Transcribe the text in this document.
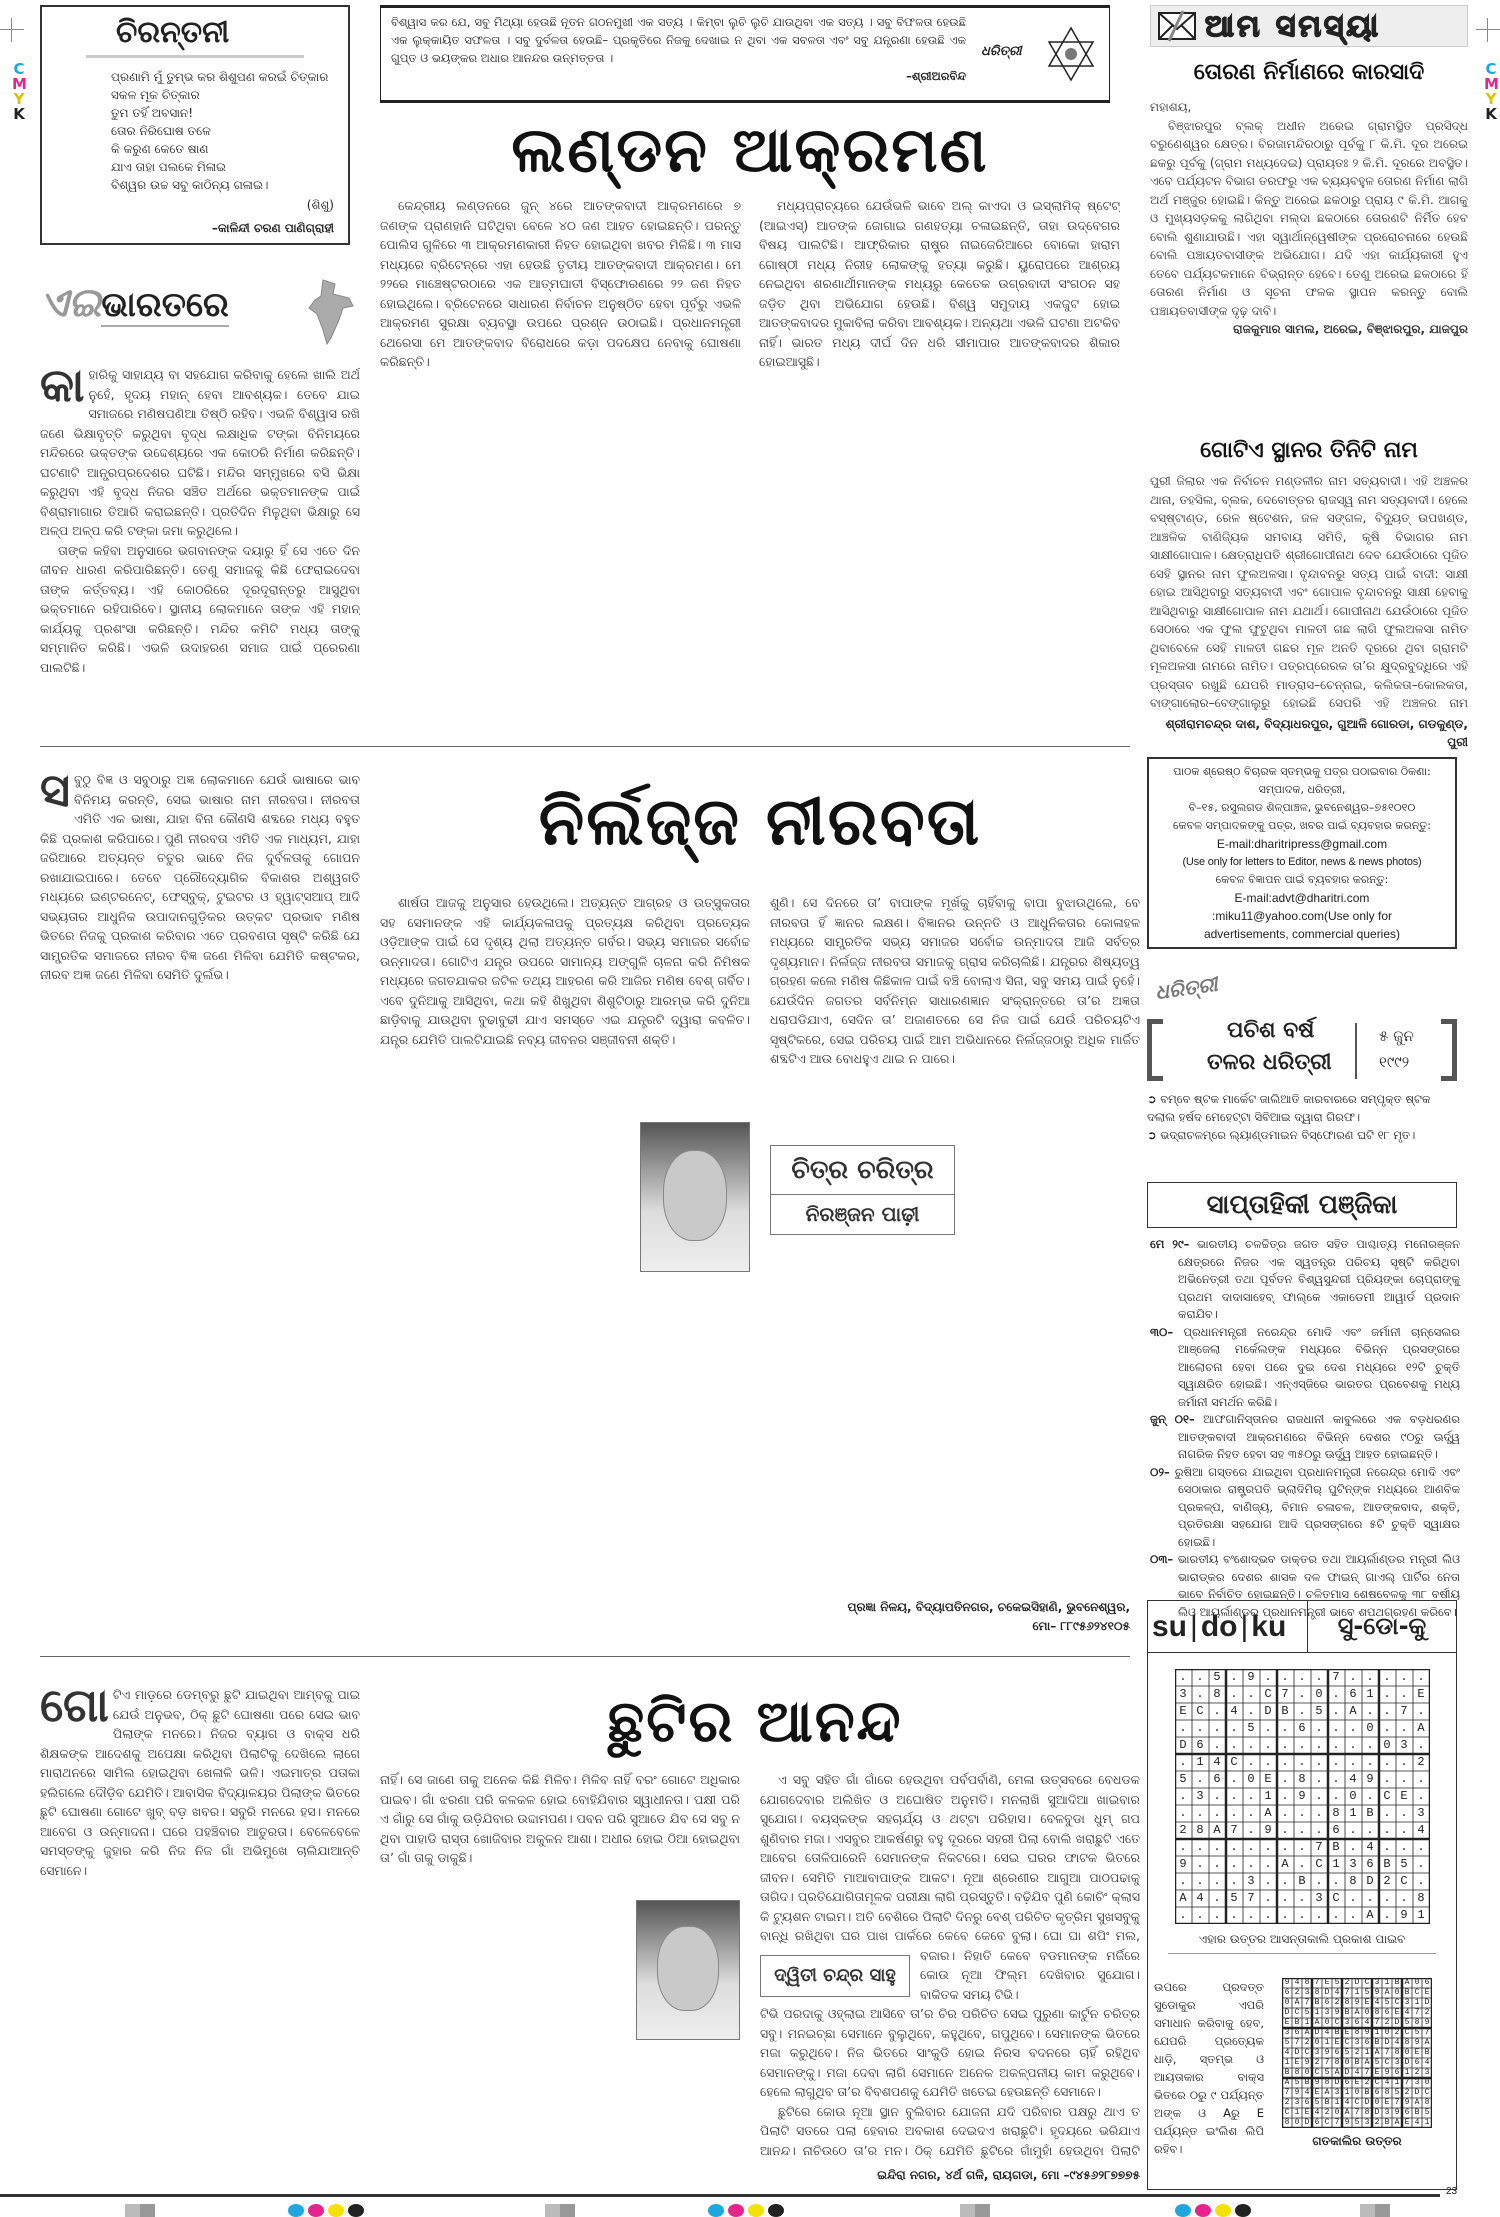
C
M
Y
K
C
M
Y
K
ଚିରନ୍ତନୀ
ପ୍ରଣାମି ମୁଁ ତୁମ୍ଭ କର ଶିଶୁପଣ କରଇଁ ଚିତ୍କାର
ସକଳ ମୂକ ଚିତ୍କାର
ତୁମ ତହିଁ ଅବସାନ!
ତୋର ନିରିଘୋଷ ତଳେ
କି କରୁଣ କେତେ ଷାଣ
ଯାଏ ତାହା ପଲକେ ମିଳାଇ
ବିଶ୍ୱର ଉଚ୍ଚ ସବୁ କାଠିନ୍ୟ ଗଳାଇ।
(ଶିଶୁ)
–କାଳିନ୍ଦୀ ଚରଣ ପାଣିଗ୍ରାହୀ
ବିଶ୍ୱାସ କର ଯେ, ସବୁ ମିଥ୍ୟା ହେଉଛି ନୂତନ ଗଠନମୁଖୀ ଏକ ସତ୍ୟ । କିମ୍ବା ଲୁଚି ଲୁଚି ଯାଉଥିବା ଏକ ସତ୍ୟ । ସବୁ ବିଫଳତା ହେଉଛି ଏକ ଲୁକ୍କାୟିତ ସଫଳତା । ସବୁ ଦୁର୍ବଳତା ହେଉଛି– ପ୍ରକୃତିରେ ନିଜକୁ ଦେଖାଇ ନ ଥିବା ଏକ ସବଳତା ଏବଂ ସବୁ ଯନ୍ତ୍ରଣା ହେଉଛି ଏକ ଗୁପ୍ତ ଓ ଭୟଙ୍କର ଅଧାର ଆନନ୍ଦର ଉନ୍ମତ୍ତତା ।
–ଶ୍ରୀଅରବିନ୍ଦ
ଧରିତ୍ରୀ
ଲଣ୍ଡନ ଆକ୍ରମଣ

କେନ୍ଦ୍ରୀୟ ଲଣ୍ଡନରେ ଜୁନ୍ ୪ରେ ଆତଙ୍କବାଦୀ ଆକ୍ରମଣରେ ୭ ଜଣଙ୍କ ପ୍ରାଣହାନି ଘଟିଥିବା ବେଳେ ୪୦ ଜଣ ଆହତ ହୋଇଛନ୍ତି। ପରନ୍ତୁ ପୋଲିସ ଗୁଳିରେ ୩ ଆକ୍ରମଣକାରୀ ନିହତ ହୋଇଥିବା ଖବର ମିଳିଛି। ୩ ମାସ ମଧ୍ୟରେ ବ୍ରିଟେନ୍‌ରେ ଏହା ହେଉଛି ତୃତୀୟ ଆତଙ୍କବାଦୀ ଆକ୍ରମଣ। ମେ ୨୨ରେ ମାଞ୍ଚେଷ୍ଟରଠାରେ ଏକ ଆତ୍ମଘାତୀ ବିସ୍ଫୋରଣରେ ୨୨ ଜଣ ନିହତ ହୋଇଥିଲେ। ବ୍ରିଟେନରେ ସାଧାରଣ ନିର୍ବାଚନ ଅନୁଷ୍ଠିତ ହେବା ପୂର୍ବରୁ ଏଭଳି ଆକ୍ରମଣ ସୁରକ୍ଷା ବ୍ୟବସ୍ଥା ଉପରେ ପ୍ରଶ୍ନ ଉଠାଇଛି। ପ୍ରଧାନମନ୍ତ୍ରୀ ଥେରେସା ମେ ଆତଙ୍କବାଦ ବିରୋଧରେ କଡ଼ା ପଦକ୍ଷେପ ନେବାକୁ ଘୋଷଣା କରିଛନ୍ତି।

ମଧ୍ୟପ୍ରାଚ୍ୟରେ ଯେଉଁଭଳି ଭାବେ ଅଲ୍ କାଏଦା ଓ ଇସ୍ଲାମିକ୍ ଷ୍ଟେଟ୍ (ଆଇଏସ୍) ଆତଙ୍କ ଜୋଗାଇ ଗଣହତ୍ୟା ଚଳାଇଛନ୍ତି, ତାହା ଉଦ୍‌ବେଗର ବିଷୟ ପାଲଟିଛି। ଆଫ୍ରିକାର ରାଷ୍ଟ୍ର ନାଇଜେରିଆରେ ବୋକୋ ହାରାମ ଗୋଷ୍ଠୀ ମଧ୍ୟ ନିରୀହ ଲୋକଙ୍କୁ ହତ୍ୟା କରୁଛି। ୟୁରୋପରେ ଆଶ୍ରୟ ନେଇଥିବା ଶରଣାର୍ଥୀମାନଙ୍କ ମଧ୍ୟରୁ କେତେକ ଉଗ୍ରବାଦୀ ସଂଗଠନ ସହ ଜଡ଼ିତ ଥିବା ଅଭିଯୋଗ ହେଉଛି। ବିଶ୍ୱ ସମୁଦାୟ ଏକଜୁଟ ହୋଇ ଆତଙ୍କବାଦର ମୁକାବିଲା କରିବା ଆବଶ୍ୟକ। ଅନ୍ୟଥା ଏଭଳି ଘଟଣା ଅଟକିବ ନାହିଁ। ଭାରତ ମଧ୍ୟ ଦୀର୍ଘ ଦିନ ଧରି ସୀମାପାର ଆତଙ୍କବାଦର ଶିକାର ହୋଇଆସୁଛି।

ଏଇଭାରତରେ
କା ହାରିକୁ ସାହାଯ୍ୟ ବା ସହଯୋଗ କରିବାକୁ ହେଲେ ଖାଲି ଅର୍ଥ ନୁହେଁ, ହୃଦୟ ମହାନ୍ ହେବା ଆବଶ୍ୟକ। ତେବେ ଯାଇ ସମାଜରେ ମଣିଷପଣିଆ ତିଷ୍ଠି ରହିବ। ଏଭଳି ବିଶ୍ୱାସ ରଖି ଜଣେ ଭିକ୍ଷାବୃତ୍ତି କରୁଥିବା ବୃଦ୍ଧ ଲକ୍ଷାଧିକ ଟଙ୍କା ବିନିମୟରେ ମନ୍ଦିରରେ ଭକ୍ତଙ୍କ ଉଦ୍ଦେଶ୍ୟରେ ଏକ କୋଠରି ନିର୍ମାଣ କରିଛନ୍ତି। ଘଟଣାଟି ଆନ୍ଧ୍ରପ୍ରଦେଶର ଘଟିଛି। ମନ୍ଦିର ସମ୍ମୁଖରେ ବସି ଭିକ୍ଷା କରୁଥିବା ଏହି ବୃଦ୍ଧ ନିଜର ସଞ୍ଚିତ ଅର୍ଥରେ ଭକ୍ତମାନଙ୍କ ପାଇଁ ବିଶ୍ରାମାଗାର ତିଆରି କରାଇଛନ୍ତି। ପ୍ରତିଦିନ ମିଳୁଥିବା ଭିକ୍ଷାରୁ ସେ ଅଳ୍ପ ଅଳ୍ପ କରି ଟଙ୍କା ଜମା କରୁଥିଲେ।

ତାଙ୍କ କହିବା ଅନୁସାରେ ଭଗବାନଙ୍କ ଦୟାରୁ ହିଁ ସେ ଏତେ ଦିନ ଜୀବନ ଧାରଣ କରିପାରିଛନ୍ତି। ତେଣୁ ସମାଜକୁ କିଛି ଫେରାଇଦେବା ତାଙ୍କ କର୍ତ୍ତବ୍ୟ। ଏହି କୋଠରିରେ ଦୂରଦୂରାନ୍ତରୁ ଆସୁଥିବା ଭକ୍ତମାନେ ରହିପାରିବେ। ସ୍ଥାନୀୟ ଲୋକମାନେ ତାଙ୍କ ଏହି ମହାନ୍ କାର୍ଯ୍ୟକୁ ପ୍ରଶଂସା କରିଛନ୍ତି। ମନ୍ଦିର କମିଟି ମଧ୍ୟ ତାଙ୍କୁ ସମ୍ମାନିତ କରିଛି। ଏଭଳି ଉଦାହରଣ ସମାଜ ପାଇଁ ପ୍ରେରଣା ପାଲଟିଛି।

ଆମ ସମସ୍ୟା
ତୋରଣ ନିର୍ମାଣରେ କାରସାଦି
ମହାଶୟ,

ବିଞ୍ଝାରପୁର ବ୍ଲକ୍ ଅଧୀନ ଅରେଇ ଗ୍ରାମସ୍ଥିତ ପ୍ରସିଦ୍ଧ ବରୁଣେଶ୍ୱର କ୍ଷେତ୍ର। ବିରଜାମନ୍ଦିରଠାରୁ ପୂର୍ବକୁ ୮ କି.ମି. ଦୂର ଅରେଇ ଛକରୁ ପୂର୍ବକୁ (ଗ୍ରାମ ମଧ୍ୟଦେଇ) ପ୍ରାୟତଃ ୨ କି.ମି. ଦୂରରେ ଅବସ୍ଥିତ। ଏବେ ପର୍ଯ୍ୟଟନ ବିଭାଗ ତରଫରୁ ଏକ ବ୍ୟୟବହୁଳ ତୋରଣ ନିର୍ମାଣ ଲାଗି ଅର୍ଥ ମଞ୍ଜୁର ହୋଇଛି। କିନ୍ତୁ ଅରେଇ ଛକଠାରୁ ପ୍ରାୟ ୯ କି.ମି. ଆଗକୁ ଓ ମୁଖ୍ୟସଡ଼କକୁ ଲାଗିଥିବା ମଲ୍ଦା ଛକଠାରେ ତୋରଣଟି ନିର୍ମିତ ହେବ ବୋଲି ଶୁଣାଯାଉଛି। ଏହା ସ୍ୱାର୍ଥାନ୍ୱେଷୀଙ୍କ ପ୍ରରୋଚନାରେ ହେଉଛି ବୋଲି ପଞ୍ଚାୟତବାସୀଙ୍କ ଅଭିଯୋଗ। ଯଦି ଏହା କାର୍ଯ୍ୟକାରୀ ହୁଏ ତେବେ ପର୍ଯ୍ୟଟକମାନେ ବିଭ୍ରାନ୍ତ ହେବେ। ତେଣୁ ଅରେଇ ଛକଠାରେ ହିଁ ତୋରଣ ନିର୍ମାଣ ଓ ସୂଚନା ଫଳକ ସ୍ଥାପନ କରନ୍ତୁ ବୋଲି ପଞ୍ଚାୟତବାସୀଙ୍କ ଦୃଢ଼ ଦାବି।

ରାଜକୁମାର ସାମଲ, ଅରେଇ, ବିଞ୍ଝାରପୁର, ଯାଜପୁର
ଗୋଟିଏ ସ୍ଥାନର ତିନିଟି ନାମ

ପୁରୀ ଜିଲାର ଏକ ନିର୍ବାଚନ ମଣ୍ଡଳୀର ନାମ ସତ୍ୟବାଦୀ। ଏହି ଅଞ୍ଚଳର ଥାନା, ତହସିଲ, ବ୍ଲକ, ଦେବୋତ୍ତର ରାଜସ୍ୱ ନାମ ସତ୍ୟବାଦୀ। ହେଲେ ବସ୍‌ଷ୍ଟାଣ୍ଡ, ରେଳ ଷ୍ଟେଶନ, ଜଳ ସଙ୍ଗଳ, ବିଦ୍ୟୁତ୍ ଉପଖଣ୍ଡ, ଆଞ୍ଚଳିକ ବାଣିଜ୍ୟିକ ସମବାୟ ସମିତି, କୃଷି ବିଭାଗର ନାମ ସାକ୍ଷୀଗୋପାଳ। କ୍ଷେତ୍ରାଧିପତି ଶ୍ରୀଗୋପୀନାଥ ଦେବ ଯେଉଁଠାରେ ପୂଜିତ ସେହି ସ୍ଥାନର ନାମ ଫୁଲଅଳସା। ବୃନ୍ଦାବନରୁ ସତ୍ୟ ପାଇଁ ବାଦୀ: ସାକ୍ଷୀ ହୋଇ ଆସିଥିବାରୁ ସତ୍ୟବାଦୀ ଏବଂ ଗୋପାଳ ବୃନ୍ଦାବନରୁ ସାକ୍ଷୀ ହେବାକୁ ଆସିଥିବାରୁ ସାକ୍ଷୀଗୋପାଳ ନାମ ଯଥାର୍ଥ। ଗୋପୀନାଥ ଯେଉଁଠାରେ ପୂଜିତ ସେଠାରେ ଏକ ଫୁଲ ଫୁଟୁଥିବା ମାଳତୀ ଗଛ ଲାଗି ଫୁଲଅଳସା ନାମିତ ଥିବାବେଳେ ସେହି ମାଳତୀ ଗଛର ମୂଳ ଅନତି ଦୂରରେ ଥିବା ଗ୍ରାମଟି ମୂଳଅଳସା ନାମରେ ନାମିତ। ପତ୍ରପ୍ରେରକ ତା’ର କ୍ଷୁଦ୍ରବୁଦ୍ଧିରେ ଏହି ପ୍ରସ୍ତାବ ରଖୁଛି ଯେପରି ମାଡ୍ରାସ–ଚେନ୍ନାଇ, କଲିକତା–କୋଲକତା, ବାଙ୍ଗାଲୋର–ବେଙ୍ଗାଲୁରୁ ହୋଇଛି ସେପରି ଏହି ଅଞ୍ଚଳର ନାମ

ଶ୍ରୀରାମଚନ୍ଦ୍ର ଦାଶ, ବିଦ୍ୟାଧରପୁର, ଗୁଆଳି ଗୋରଡା, ଗଡକୁଣ୍ଡ, ପୁରୀ
ପାଠକ ଶ୍ରେଷ୍ଠ ବିଚାରକ ସ୍ତମ୍ଭକୁ ପତ୍ର ପଠାଇବାର ଠିକଣା:
ସମ୍ପାଦକ, ଧରିତ୍ରୀ,
ବି–୧୫, ରସୁଲଗଡ ଶିଳ୍ପାଞ୍ଚଳ, ଭୁବନେଶ୍ୱର–୭୫୧୦୧୦
କେବଳ ସମ୍ପାଦକଙ୍କୁ ପତ୍ର, ଖବର ପାଇଁ ବ୍ୟବହାର କରନ୍ତୁ:
E-mail:dharitripress@gmail.com
(Use only for letters to Editor, news & news photos)
କେବଳ ବିଜ୍ଞାପନ ପାଇଁ ବ୍ୟବହାର କରନ୍ତୁ:
E-mail:advt@dharitri.com
:miku11@yahoo.com(Use only for
advertisements, commercial queries)
ଧରିତ୍ରୀ
ପଚିଶ ବର୍ଷ
ତଳର ଧରିତ୍ରୀ
୫ ଜୁନ
୧୯୯୨
➲ ବମ୍ବେ ଷ୍ଟକ ମାର୍କେଟ ଜାଲିଆତି କାରବାରରେ ସମ୍ପୃକ୍ତ ଷ୍ଟକ ଦଲାଲ ହର୍ଷଦ ମେହେଟ୍ଟା ସିବିଆଇ ଦ୍ୱାରା ଗିରଫ।
➲ ଭଦ୍ରାଚଳମ୍‌ରେ ଲ୍ୟାଣ୍ଡମାଇନ ବିସ୍ଫୋରଣ ଘଟି ୧୮ ମୃତ।
ସାପ୍ତାହିକୀ ପଞ୍ଜିକା
ମେ ୨୯– ଭାରତୀୟ ଚଳଚ୍ଚିତ୍ର ଜଗତ ସହିତ ପାଶ୍ଚାତ୍ୟ ମନୋରଞ୍ଜନ କ୍ଷେତ୍ରରେ ନିଜର ଏକ ସ୍ୱତନ୍ତ୍ର ପରିଚୟ ସୃଷ୍ଟି କରିଥିବା ଅଭିନେତ୍ରୀ ତଥା ପୂର୍ବତନ ବିଶ୍ୱସୁନ୍ଦରୀ ପ୍ରିୟଙ୍କା ଚୋପ୍ରାଙ୍କୁ ପ୍ରଥମ ଦାଦାସାହେବ୍ ଫାଲ୍‌କେ ଏକାଡେମୀ ଆୱାର୍ଡ ପ୍ରଦାନ କରାଯିବ।
୩୦– ପ୍ରଧାନମନ୍ତ୍ରୀ ନରେନ୍ଦ୍ର ମୋଦି ଏବଂ ଜର୍ମାନୀ ଚାନ୍ସେଲର ଆଞ୍ଜେଲା ମର୍କେଲଙ୍କ ମଧ୍ୟରେ ବିଭିନ୍ନ ପ୍ରସଙ୍ଗରେ ଆଲୋଚନା ହେବା ପରେ ଦୁଇ ଦେଶ ମଧ୍ୟରେ ୧୨ଟି ଚୁକ୍ତି ସ୍ୱାକ୍ଷରିତ ହୋଇଛି। ଏନ୍‌ଏସ୍‌ଜିରେ ଭାରତର ପ୍ରବେଶକୁ ମଧ୍ୟ ଜର୍ମାନୀ ସମର୍ଥନ କରିଛି।
ଜୁନ୍ ୦୧– ଆଫଗାନିସ୍ତାନର ରାଜଧାନୀ କାବୁଲରେ ଏକ ବଡ଼ଧରଣର ଆତଙ୍କବାଦୀ ଆକ୍ରମଣରେ ବିଭିନ୍ନ ଦେଶର ୯୦ରୁ ଊର୍ଦ୍ଧ୍ୱ ନାଗରିକ ନିହତ ହେବା ସହ ୩୫୦ରୁ ଊର୍ଦ୍ଧ୍ୱ ଆହତ ହୋଇଛନ୍ତି।
୦୨– ରୁଷିଆ ଗସ୍ତରେ ଯାଇଥିବା ପ୍ରଧାନମନ୍ତ୍ରୀ ନରେନ୍ଦ୍ର ମୋଦି ଏବଂ ସେଠାକାର ରାଷ୍ଟ୍ରପତି ଭ୍ଲାଦିମିର୍ ପୁଟିନ୍‌ଙ୍କ ମଧ୍ୟରେ ଆଣବିକ ପ୍ରକଳ୍ପ, ବାଣିଜ୍ୟ, ବିମାନ ଚଳାଚଳ, ଆତଙ୍କବାଦ, ଶକ୍ତି, ପ୍ରତିରକ୍ଷା ସହଯୋଗ ଆଦି ପ୍ରସଙ୍ଗରେ ୫ଟି ଚୁକ୍ତି ସ୍ୱାକ୍ଷର ହୋଇଛି।
୦୩– ଭାରତୀୟ ବଂଶୋଦ୍ଭବ ଡାକ୍ତର ତଥା ଆୟର୍ଲାଣ୍ଡର ମନ୍ତ୍ରୀ ଲିଓ ଭାରାଡ୍‌କର ଦେଶର ଶାସକ ଦଳ ଫାଇନ୍ ଗାଏଲ୍ ପାର୍ଟିର ନେତା ଭାବେ ନିର୍ବାଚିତ ହୋଇଛନ୍ତି। ଚଳିତମାସ ଶେଷବେଳକୁ ୩୮ ବର୍ଷୀୟ ଲିଓ ଆୟର୍ଲାଣ୍ଡର ପ୍ରଧାନମନ୍ତ୍ରୀ ଭାବେ ଶପଥଗ୍ରହଣ କରିବେ।
su | do | ku	ସୁ-ଡୋ-କୁ
..5.9....7.....
3.8..C7.0.61..E
EC.4.DB.5.A..7.
....5..6...0..A
D6..........03.
.14C..........2
5.6.0E.8..49...
.3...1.9..0.CE.
.....A...81B..3
28A7.9...6....4
........7B.4...
9.....A.C136B5.
....3..B..8D2C.
A4.57...3C....8
...........A.91
ଏହାର ଉତ୍ତର ଆସନ୍ତାକାଲି ପ୍ରକାଶ ପାଇବ
ଉପରେ ପ୍ରଦତ୍ତ ସୁଡୋକୁର ଏପରି ସମାଧାନ କରିବାକୁ ହେବ, ଯେପରି ପ୍ରତ୍ୟେକ ଧାଡ଼ି, ସ୍ତମ୍ଭ ଓ ଆୟତାକାର ବାକ୍ସ ଭିତରେ ୦ରୁ ୯ ପର୍ଯ୍ୟନ୍ତ ଅଙ୍କ ଓ Aରୁ E ପର୍ଯ୍ୟନ୍ତ ଇଂଲିଶ ଲିପି ରହିବ।
948 7E5 2DC 31B A06
623 8D4 715 9A0 BCE
0A7 B62 89E 45C 31D
DC5 139 BA0 86E 472
EB1 A0C 364 72D 589
36A D4B E89 102 C57
572 01E C36 BD4 89A
4DC 396 521 A78 0EB
1E9 278 0BA 5C3 D64
B80 C5A D47 E96 123
A5B 98D 6E2 C41 730
794 EA3 10B 685 2DC
236 5B1 4CD 0E7 9A8
C1E 420 A78 D39 6B5
80D 6C7 953 2BA E41
ଗତକାଲିର ଉତ୍ତର
ନିର୍ଲଜ୍ଜ ନୀରବତା
ସ ବୁଠୁ ବିଜ୍ଞ ଓ ସବୁଠାରୁ ଅଜ୍ଞ ଲୋକମାନେ ଯେଉଁ ଭାଷାରେ ଭାବ ବିନିମୟ କରନ୍ତି, ସେଇ ଭାଷାର ନାମ ନୀରବତା। ନୀରବତା ଏମିତି ଏକ ଭାଷା, ଯାହା ବିନା କୌଣସି ଶବ୍ଦରେ ମଧ୍ୟ ବହୁତ କିଛି ପ୍ରକାଶ କରିପାରେ। ପୁଣି ନୀରବତା ଏମିତି ଏକ ମାଧ୍ୟମ, ଯାହା ଜରିଆରେ ଅତ୍ୟନ୍ତ ଚତୁର ଭାବେ ନିଜ ଦୁର୍ବଳତାକୁ ଗୋପନ ରଖାଯାଇପାରେ। ତେବେ ପ୍ରୌଦ୍ୟୋଗିକ ବିକାଶର ଅଶ୍ୱଗତି ମଧ୍ୟରେ ଇଣ୍ଟରନେଟ୍, ଫେସ୍‌ବୁକ୍, ଟୁଇଟର ଓ ହ୍ୱାଟ୍‌ସଆପ୍ ଆଦି ସଭ୍ୟତାର ଆଧୁନିକ ଉପାଦାନଗୁଡ଼ିକର ଉତ୍କଟ ପ୍ରଭାବ ମଣିଷ ଭିତରେ ନିଜକୁ ପ୍ରକାଶ କରିବାର ଏତେ ପ୍ରବଣତା ସୃଷ୍ଟି କରିଛି ଯେ ସାମ୍ପ୍ରତିକ ସମାଜରେ ନୀରବ ବିଜ୍ଞ ଜଣେ ମିଳିବା ଯେମିତି କଷ୍ଟକର, ନୀରବ ଅଜ୍ଞ ଜଣେ ମିଳିବା ସେମିତି ଦୁର୍ଲଭ।

ଶାର୍ଷତା ଆଜକୁ ଅନୁସାର ହେଉଥିଲେ। ଅତ୍ୟନ୍ତ ଆଗ୍ରହ ଓ ଉତ୍ସୁକତାର ସହ ସେମାନଙ୍କ ଏହି କାର୍ଯ୍ୟକଳାପକୁ ପ୍ରତ୍ୟକ୍ଷ କରିଥିବା ପ୍ରତ୍ୟେକ ଓଡ଼ିଆଙ୍କ ପାଇଁ ସେ ଦୃଶ୍ୟ ଥିଲା ଅତ୍ୟନ୍ତ ଗର୍ବର। ସଭ୍ୟ ସମାଜର ସର୍ବୋଚ୍ଚ ଉନ୍ମାଦତା। ଗୋଟିଏ ଯନ୍ତ୍ର ଉପରେ ସାମାନ୍ୟ ଅଙ୍ଗୁଳି ଚାଳନା କରି ନିମିଷକ ମଧ୍ୟରେ ଜଗତଯାକର ଜଟିଳ ତଥ୍ୟ ଆହରଣ କରି ଆଜିର ମଣିଷ ବେଶ୍ ଗର୍ବିତ। ଏବେ ଦୁନିଆକୁ ଆସିଥିବା, କଥା କହି ଶିଖୁଥିବା ଶିଶୁଟିଠାରୁ ଆରମ୍ଭ କରି ଦୁନିଆ ଛାଡ଼ିବାକୁ ଯାଉଥିବା ବୁଢାବୁଢୀ ଯାଏ ସମସ୍ତେ ଏଇ ଯନ୍ତ୍ରଟି ଦ୍ୱାରା କବଳିତ। ଯନ୍ତ୍ର ଯେମିତି ପାଲଟିଯାଇଛି ନବ୍ୟ ଜୀବନର ସଞ୍ଜୀବନୀ ଶକ୍ତି।

ଚିତ୍ର ଚରିତ୍ର
ନିରଞ୍ଜନ ପାଢ଼ୀ

ଶୁଣି। ସେ ଦିନରେ ତା’ ବାପାଙ୍କ ମୂର୍ଖକୁ ଚାହିଁବାକୁ ବାପା ବୁଝାଉଥିଲେ, ବେ ନୀରବତା ହିଁ ଜ୍ଞାନର ଲକ୍ଷଣ। ବିଜ୍ଞାନର ଉନ୍ନତି ଓ ଆଧୁନିକତାର କୋଳାହଳ ମଧ୍ୟରେ ସାମ୍ପ୍ରତିକ ସଭ୍ୟ ସମାଜର ସର୍ବୋଚ୍ଚ ଉନ୍ମାଦତା ଆଜି ସର୍ବତ୍ର ଦୃଶ୍ୟମାନ। ନିର୍ଲଜ୍ଜ ନୀରବତା ସମାଜକୁ ଗ୍ରାସ କରିଚାଲିଛି। ଯନ୍ତ୍ରର ଶିଷ୍ୟତ୍ୱ ଗ୍ରହଣ କଲେ ମଣିଷ କିଛିକାଳ ପାଇଁ ବଞ୍ଚି ବୋଲାଏ ସିନା, ସବୁ ସମୟ ପାଇଁ ନୁହେଁ। ଯେଉଁଦିନ ଜଗତର ସର୍ବନିମ୍ନ ସାଧାରଣଜ୍ଞାନ ସଂକ୍ରାନ୍ତରେ ତା’ର ଅଜ୍ଞତା ଧରାପଡିଯାଏ, ସେଦିନ ତା’ ଅଜାଣତରେ ସେ ନିଜ ପାଇଁ ଯେଉଁ ପରିଚୟଟିଏ ସୃଷ୍ଟିକରେ, ସେଇ ପରିଚୟ ପାଇଁ ଆମ ଅଭିଧାନରେ ନିର୍ଲଜ୍ଜଠାରୁ ଅଧିକ ମାର୍ଜିତ ଶବ୍ଦଟିଏ ଆଉ ବୋଧହୁଏ ଥାଇ ନ ପାରେ।

ପ୍ରଜ୍ଞା ନିଳୟ, ବିଦ୍ୟାପତିନଗର, ଚକେଇସିହାଣି, ଭୁବନେଶ୍ୱର,
ମୋ– ୮୮୯୫୬୨୪୧୦୫
ଛୁଟିର ଆନନ୍ଦ
ଗୋ ଟିଏ ମାଡ଼ରେ ଡେମ୍ବରୁ ଛୁଟି ଯାଇଥିବା ଆମ୍ବକୁ ପାଇ ଯେଉଁ ଅନୁଭବ, ଠିକ୍ ଛୁଟି ଘୋଷଣା ପରେ ସେଇ ଭାବ ପିଲାଙ୍କ ମନରେ। ନିଜର ବ୍ୟାଗ ଓ ବାକ୍ସ ଧରି ଶିକ୍ଷକଙ୍କ ଆଦେଶକୁ ଅପେକ୍ଷା କରିଥିବା ପିଲାଟିକୁ ଦେଖିଲେ ଲାଗେ ମାରାଥନରେ ସାମିଲ ହୋଇଥିବା ଖେଳାଳି ଭଳି। ଏଇମାତ୍ର ପତାକା ହଲିଗଲେ ଦୌଡ଼ିବ ଯେମିତି। ଆବାସିକ ବିଦ୍ୟାଳୟର ପିଲାଙ୍କ ଭିତରେ ଛୁଟି ଘୋଷଣା ଗୋଟେ ଖୁବ୍ ବଡ଼ ଖବର। ସବୁରି ମନରେ ହସ। ମନରେ ଆବେଗ ଓ ଉନ୍ମାଦନା। ଘରେ ପହଞ୍ଚିବାର ଆତୁରତା। ବେଳେବେଳେ ସମସ୍ତଙ୍କୁ ଜୁହାର କରି ନିଜ ନିଜ ଗାଁ ଅଭିମୁଖେ ଚାଲିଯାଆନ୍ତି ସେମାନେ।

ନାହିଁ। ସେ ଜାଣେ ତାକୁ ଅନେକ କିଛି ମିଳିବ। ମିଳିବ ନାହିଁ ବରଂ ଗୋଟେ ଅଧିକାର ପାଇବ। ଗାଁ ଝରଣା ପରି କଳକଳ ହୋଇ ବୋହିଯିବାର ସ୍ୱାଧୀନତା। ପକ୍ଷୀ ପରି ଏ ଗାଁରୁ ସେ ଗାଁକୁ ଉଡ଼ିଯିବାର ଉଦ୍ଦାମପଣ। ପବନ ପରି ସୁଆଡେ ଯିବ ସେ ସବୁ ନ ଥିବା ପାହାଡି ରାସ୍ତା ଖୋଜିବାର ଅକୁଳନ ଆଶା। ଅଧୀର ହୋଇ ଠିଆ ହୋଇଥିବା ତା’ ଗାଁ ତାକୁ ଡାକୁଛି।

ଦ୍ୱିତୀ ଚନ୍ଦ୍ର ସାହୁ

ଏ ସବୁ ସହିତ ଗାଁ ଗାଁରେ ହେଉଥିବା ପର୍ବପର୍ବାଣି, ମେଳା ଉତ୍ସବରେ ବେଧଡକ ଯୋଗଦେବାର ଅଲିଖିତ ଓ ଅଘୋଷିତ ଅନୁମତି। ମନଲାଖି ସୁଆଦିଆ ଖାଇବାର ସୁଯୋଗ। ବୟସ୍କଙ୍କ ସହଚାର୍ଯ୍ୟ ଓ ଥଟ୍ଟା ପରିହାସ। ବେଳବୁଡା ଧୁମ୍ ଗପ ଶୁଣିବାର ମଜା। ଏସବୁର ଆକର୍ଷଣରୁ ବହୁ ଦୂରରେ ସହରୀ ପିଲା ବୋଲି ଖରାଛୁଟି ଏତେ ଆବେଗ ତୋଳିପାରେନି ସେମାନଙ୍କ ନିକଟରେ। ସେଇ ଘରର ଫାଟକ ଭିତରେ ଜୀବନ। ସେମିତି ମାଆବାପାଙ୍କ ଆକଟ। ନୂଆ ଶ୍ରେଣୀର ଆଗୁଆ ପାଠପଢାକୁ ତାଗିଦ। ପ୍ରତିଯୋଗିତାମୂଳକ ପରୀକ୍ଷା ଲାଗି ପ୍ରସ୍ତୁତି। ବଢ଼ିଯିବ ପୁଣି କୋଚିଂ କ୍ଲାସ କି ଟ୍ୟୁଶନ ଟାଇମ। ଅତି ବେଶିରେ ପିଲାଟି ଦିନରୁ ବେଶ୍ ପରିଚିତ କୃତ୍ରିମ ସୁଖସବୁକୁ ବାନ୍ଧି ରଖିଥିବା ଘର ପାଖ ପାର୍କରେ କେବେ କେବେ ବୁଲା। ଘୋ ଘା ଶପିଂ ମଲ, ବଜାର। ନିହାତି କେବେ ବଡମାନଙ୍କ ମର୍ଜିରେ କୋଉ ନୂଆ ଫିଲ୍ମ ଦେଖିବାର ସୁଯୋଗ। ବାକିତକ ସମୟ ଟିଭି।

ଟିଭି ପରଦାକୁ ଓହ୍ଲାଇ ଆସିବେ ତା’ର ଚିର ପରିଚିତ ସେଇ ପୁରୁଣା କାର୍ଟୁନ ଚରିତ୍ର ସବୁ। ମନଇଚ୍ଛା ସେମାନେ ବୁଲୁଥିବେ, କହୁଥିବେ, ଗପୁଥିବେ। ସେମାନଙ୍କ ଭିତରେ ମଜା କରୁଥିବେ। ନିଜ ଭିତରେ ସାଂକୁଡି ହୋଇ ନିରସ ବଦନରେ ଚାହିଁ ରହିଥିବ ସେମାନଙ୍କୁ। ମଜା ଦେବା ଲାଗି ସେମାନେ ଅନେକ ଅକଳ୍ପନୀୟ କାମ କରୁଥିବେ। ହେଲେ ଲାଗୁଥିବ ତା’ର ବିବଶପଣକୁ ଯେମିତି ଖତେଇ ହେଉଛନ୍ତି ସେମାନେ।

ଛୁଟିରେ କୋଉ ନୂଆ ସ୍ଥାନ ବୁଲିବାର ଯୋଜନା ଯଦି ପରିବାର ପକ୍ଷରୁ ଥାଏ ତ ପିଲାଟି ସତରେ ପଲା ହେବାର ଅବକାଶ ଦେଇଦଏ ଖରାଛୁଟି। ହୃଦୟରେ ଭରିଯାଏ ଆନନ୍ଦ। ନାଚିଉଠେ ତା’ର ମନ। ଠିକ୍ ଯେମିତି ଛୁଟିରେ ଗାଁମୁହାଁ ହେଉଥିବା ପିଲାଟି

ଇନ୍ଦିରା ନଗର, ୪ର୍ଥ ଗଳି, ରାୟଗଡା, ମୋ –୯୪୫୬୨୮୭୭୭୫
23
